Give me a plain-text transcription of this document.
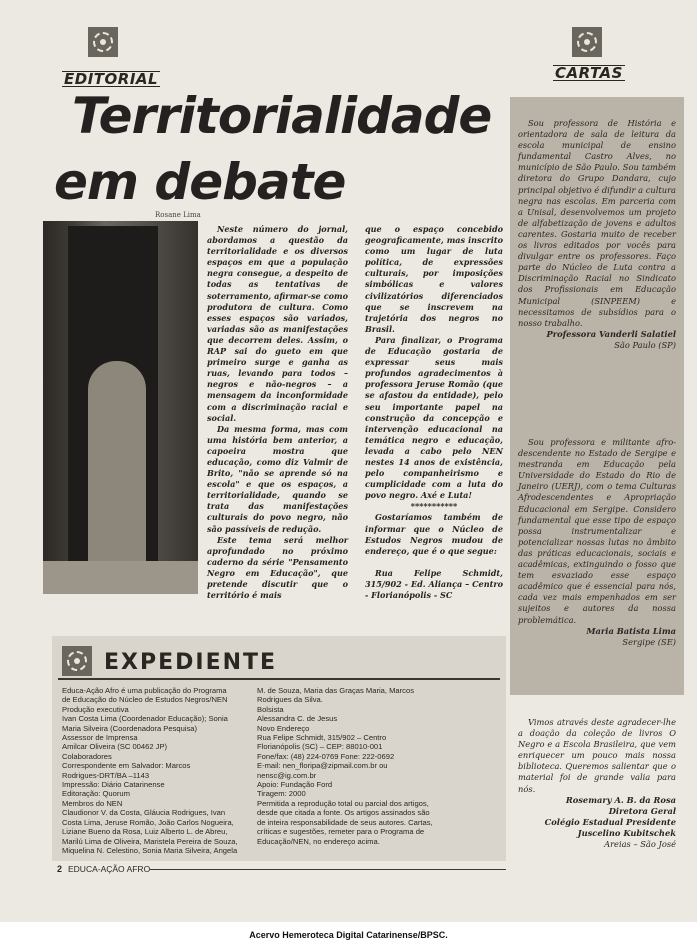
EDITORIAL	CARTAS
Territorialidade
em debate
Rosane Lima

Neste número do jornal, abordamos a questão da territorialidade e os diversos espaços em que a população negra consegue, a despeito de todas as tentativas de soterramento, afirmar-se como produtora de cultura. Como esses espaços são variados, variadas são as manifestações que decorrem deles. Assim, o RAP sai do gueto em que primeiro surge e ganha as ruas, levando para todos – negros e não-negros – a mensagem da inconformidade com a discriminação racial e social.

Da mesma forma, mas com uma história bem anterior, a capoeira mostra que educação, como diz Valmir de Brito, "não se aprende só na escola" e que os espaços, a territorialidade, quando se trata das manifestações culturais do povo negro, não são passíveis de redução.

Este tema será melhor aprofundado no próximo caderno da série "Pensamento Negro em Educação", que pretende discutir que o território é mais

que o espaço concebido geograficamente, mas inscrito como um lugar de luta política, de expressões culturais, por imposições simbólicas e valores civilizatórios diferenciados que se inscrevem na trajetória dos negros no Brasil.

Para finalizar, o Programa de Educação gostaria de expressar seus mais profundos agradecimentos à professora Jeruse Romão (que se afastou da entidade), pelo seu importante papel na construção da concepção e intervenção educacional na temática negro e educação, levada a cabo pelo NEN nestes 14 anos de existência, pelo companheirismo e cumplicidade com a luta do povo negro. Axé e Luta!

***********

Gostaríamos também de informar que o Núcleo de Estudos Negros mudou de endereço, que é o que segue:

Rua Felipe Schmidt, 315/902 - Ed. Aliança – Centro - Florianópolis - SC

Sou professora de História e orientadora de sala de leitura da escola municipal de ensino fundamental Castro Alves, no município de São Paulo. Sou também diretora do Grupo Dandara, cujo principal objetivo é difundir a cultura negra nas escolas. Em parceria com a Unisal, desenvolvemos um projeto de alfabetização de jovens e adultos carentes. Gostaria muito de receber os livros editados por vocês para divulgar entre os professores. Faço parte do Núcleo de Luta contra a Discriminação Racial no Sindicato dos Profissionais em Educação Municipal (SINPEEM) e necessitamos de subsídios para o nosso trabalho.

Professora Vanderli Salatiel

São Paulo (SP)

Sou professora e militante afro-descendente no Estado de Sergipe e mestranda em Educação pela Universidade do Estado do Rio de Janeiro (UERJ), com o tema Culturas Afrodescendentes e Apropriação Educacional em Sergipe. Considero fundamental que esse tipo de espaço possa instrumentalizar e potencializar nossas lutas no âmbito das práticas educacionais, sociais e acadêmicas, extinguindo o fosso que tem esvaziado esse espaço acadêmico que é essencial para nós, cada vez mais empenhados em ser sujeitos e autores da nossa problemática.

Maria Batista Lima

Sergipe (SE)

Vimos através deste agradecer-lhe a doação da coleção de livros O Negro e a Escola Brasileira, que vem enriquecer um pouco mais nossa biblioteca. Queremos salientar que o material foi de grande valia para nós.

Rosemary A. B. da Rosa

Diretora Geral

Colégio Estadual Presidente

Juscelino Kubitschek

Areias – São José

EXPEDIENTE
Educa-Ação Afro é uma publicação do Programa
de Educação do Núcleo de Estudos Negros/NEN
Produção executiva
Ivan Costa Lima (Coordenador Educação); Sonia
Maria Silveira (Coordenadora Pesquisa)
Assessor de Imprensa
Amilcar Oliveira (SC 00462 JP)
Colaboradores
Correspondente em Salvador: Marcos
Rodrigues-DRT/BA –1143
Impressão: Diário Catarinense
Editoração: Quorum
Membros do NEN
Claudionor V. da Costa, Gláucia Rodrigues, Ivan
Costa Lima, Jeruse Romão, João Carlos Nogueira,
Liziane Bueno da Rosa, Luiz Alberto L. de Abreu,
Marilú Lima de Oliveira, Maristela Pereira de Souza,
Miquelina N. Celestino, Sonia Maria Silveira, Angela
M. de Souza, Maria das Graças Maria, Marcos
Rodrigues da Silva.
Bolsista
Alessandra C. de Jesus
Novo Endereço
Rua Felipe Schmidt, 315/902 – Centro
Florianópolis (SC) – CEP: 88010-001
Fone/fax: (48) 224-0769 Fone: 222-0692
E-mail: nen_floripa@zipmail.com.br ou
nensc@ig.com.br
Apoio: Fundação Ford
Tiragem: 2000
Permitida a reprodução total ou parcial dos artigos,
desde que citada a fonte. Os artigos assinados são
de inteira responsabilidade de seus autores. Cartas,
críticas e sugestões, remeter para o Programa de
Educação/NEN, no endereço acima.
2 EDUCA-AÇÃO AFRO
Acervo Hemeroteca Digital Catarinense/BPSC.
